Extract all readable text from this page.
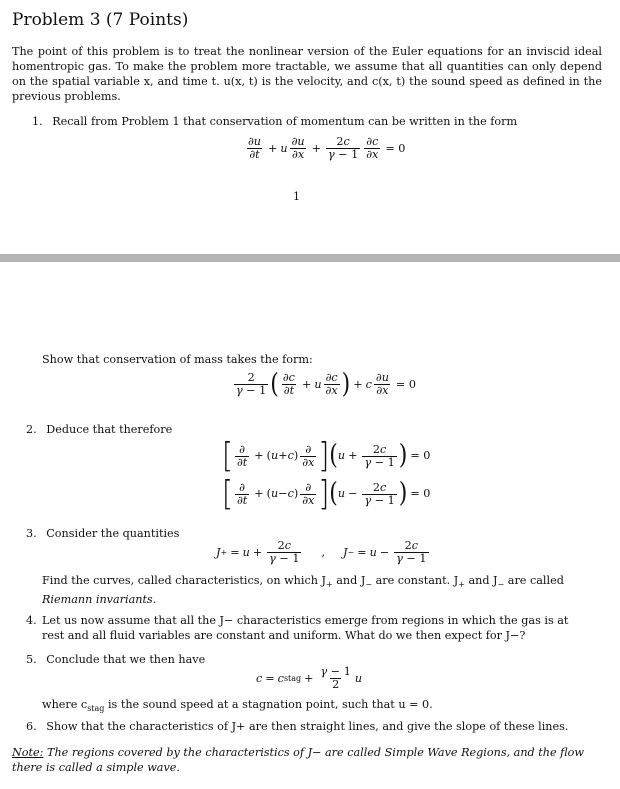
Problem 3 (7 Points)
The point of this problem is to treat the nonlinear version of the Euler equations for an inviscid ideal homentropic gas. To make the problem more tractable, we assume that all quantities can only depend on the spatial variable x, and time t. u(x, t) is the velocity, and c(x, t) the sound speed as defined in the previous problems.
1. Recall from Problem 1 that conservation of momentum can be written in the form
$\frac{\partial u}{\partial t} + u \frac{\partial u}{\partial x} + \frac{2c}{\gamma - 1} \frac{\partial c}{\partial x} = 0$
1
Show that conservation of mass takes the form:
$\frac{2}{\gamma - 1}$ ( $\frac{\partial c}{\partial t} + u \frac{\partial c}{\partial x}$ ) + c $\frac{\partial u}{\partial x} = 0$
2. Deduce that therefore
[ $\frac{\partial}{\partial t}$ + ( u + c ) $\frac{\partial}{\partial x}$ ] ( $u + \frac{2c}{\gamma - 1}$ ) = 0
[ $\frac{\partial}{\partial t}$ + ( u − c ) $\frac{\partial}{\partial x}$ ] ( $u - \frac{2c}{\gamma - 1}$ ) = 0
3. Consider the quantities
J + = $u + \frac{2c}{\gamma - 1}$ , J − = $u - \frac{2c}{\gamma - 1}$
Find the curves, called characteristics, on which $J_+$ and $J_-$ are constant. $J_+$ and $J_-$ are called Riemann invariants.
4. Let us now assume that all the J− characteristics emerge from regions in which the gas is at rest and all fluid variables are constant and uniform. What do we then expect for J−?
5. Conclude that we then have
c = c stag + $\frac{\gamma - 1}{2}$ u
where $c_{stag}$ is the sound speed at a stagnation point, such that u = 0.
6. Show that the characteristics of J+ are then straight lines, and give the slope of these lines.
Note: The regions covered by the characteristics of J− are called Simple Wave Regions, and the flow there is called a simple wave.
